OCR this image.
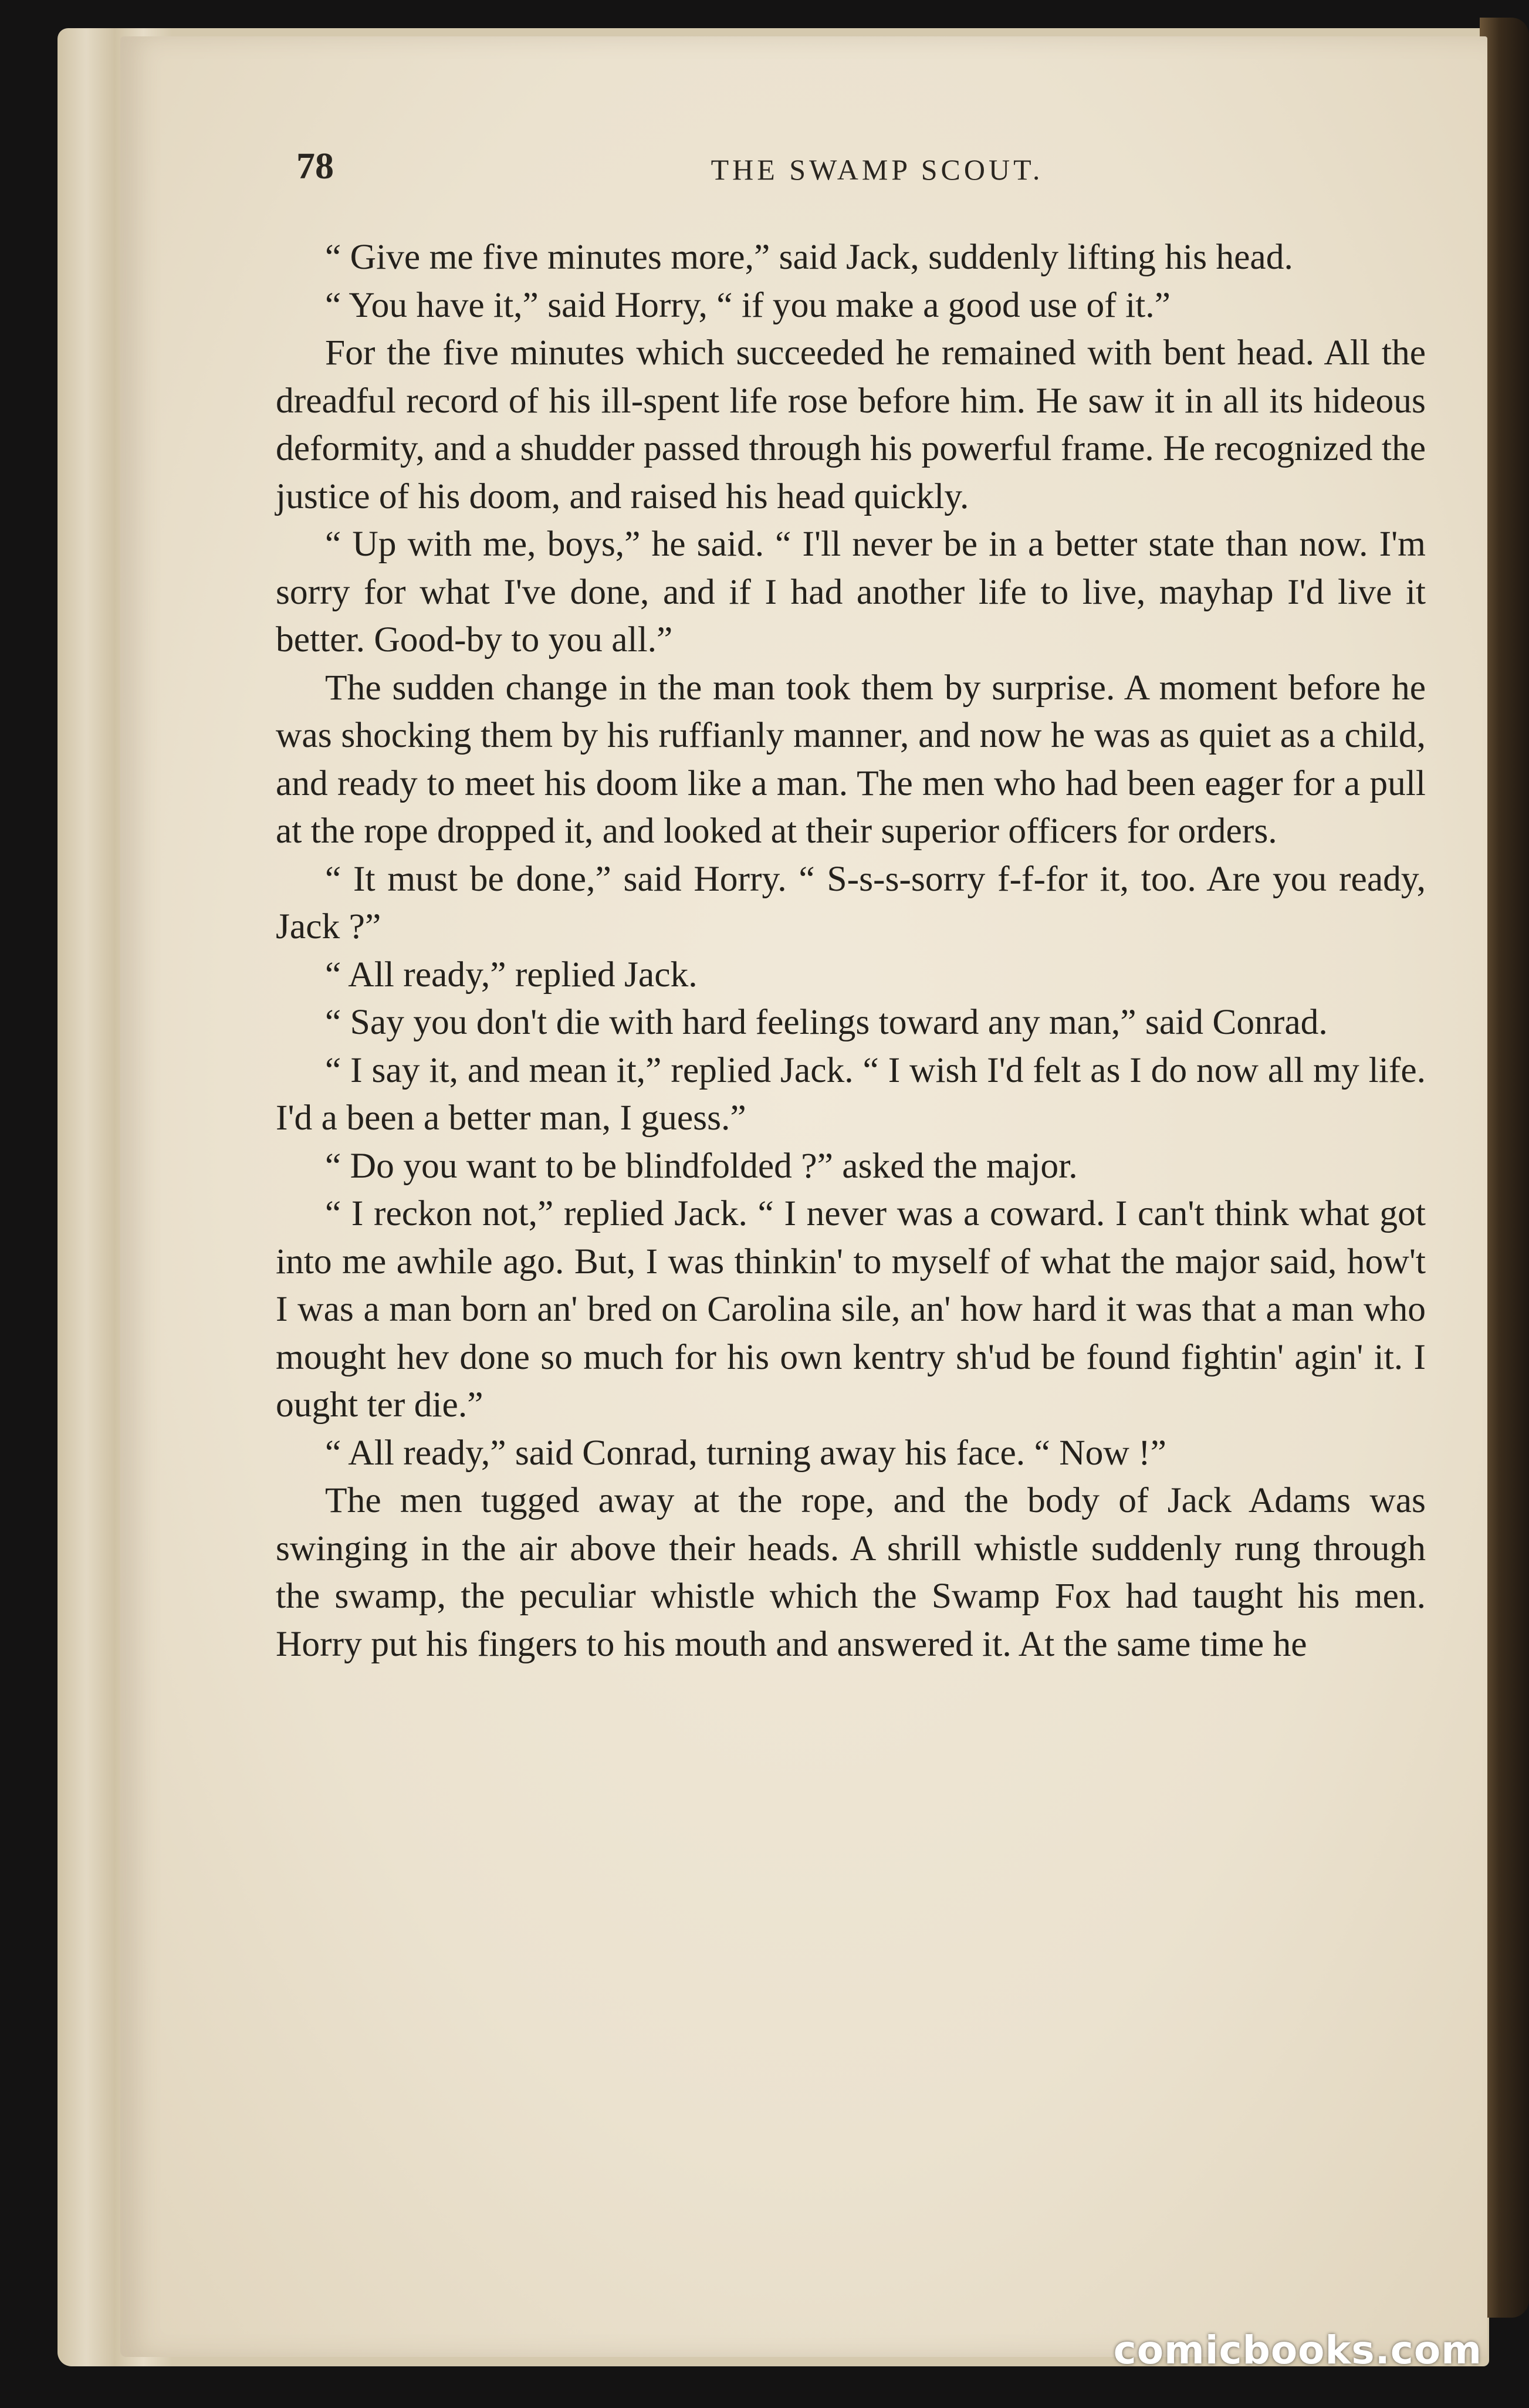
78	THE SWAMP SCOUT.

“ Give me five minutes more,” said Jack, suddenly lifting his head.

“ You have it,” said Horry, “ if you make a good use of it.”

For the five minutes which succeeded he remained with bent head. All the dreadful record of his ill-spent life rose before him. He saw it in all its hideous deformity, and a shudder passed through his powerful frame. He recognized the justice of his doom, and raised his head quickly.

“ Up with me, boys,” he said. “ I'll never be in a better state than now. I'm sorry for what I've done, and if I had another life to live, mayhap I'd live it better. Good-by to you all.”

The sudden change in the man took them by surprise. A moment before he was shocking them by his ruffianly manner, and now he was as quiet as a child, and ready to meet his doom like a man. The men who had been eager for a pull at the rope dropped it, and looked at their superior officers for orders.

“ It must be done,” said Horry. “ S-s-s-sorry f-f-for it, too. Are you ready, Jack ?”

“ All ready,” replied Jack.

“ Say you don't die with hard feelings toward any man,” said Conrad.

“ I say it, and mean it,” replied Jack. “ I wish I'd felt as I do now all my life. I'd a been a better man, I guess.”

“ Do you want to be blindfolded ?” asked the major.

“ I reckon not,” replied Jack. “ I never was a coward. I can't think what got into me awhile ago. But, I was thinkin' to myself of what the major said, how't I was a man born an' bred on Carolina sile, an' how hard it was that a man who mought hev done so much for his own kentry sh'ud be found fightin' agin' it. I ought ter die.”

“ All ready,” said Conrad, turning away his face. “ Now !”

The men tugged away at the rope, and the body of Jack Adams was swinging in the air above their heads. A shrill whistle suddenly rung through the swamp, the peculiar whistle which the Swamp Fox had taught his men. Horry put his fingers to his mouth and answered it. At the same time he

comicbooks.com
